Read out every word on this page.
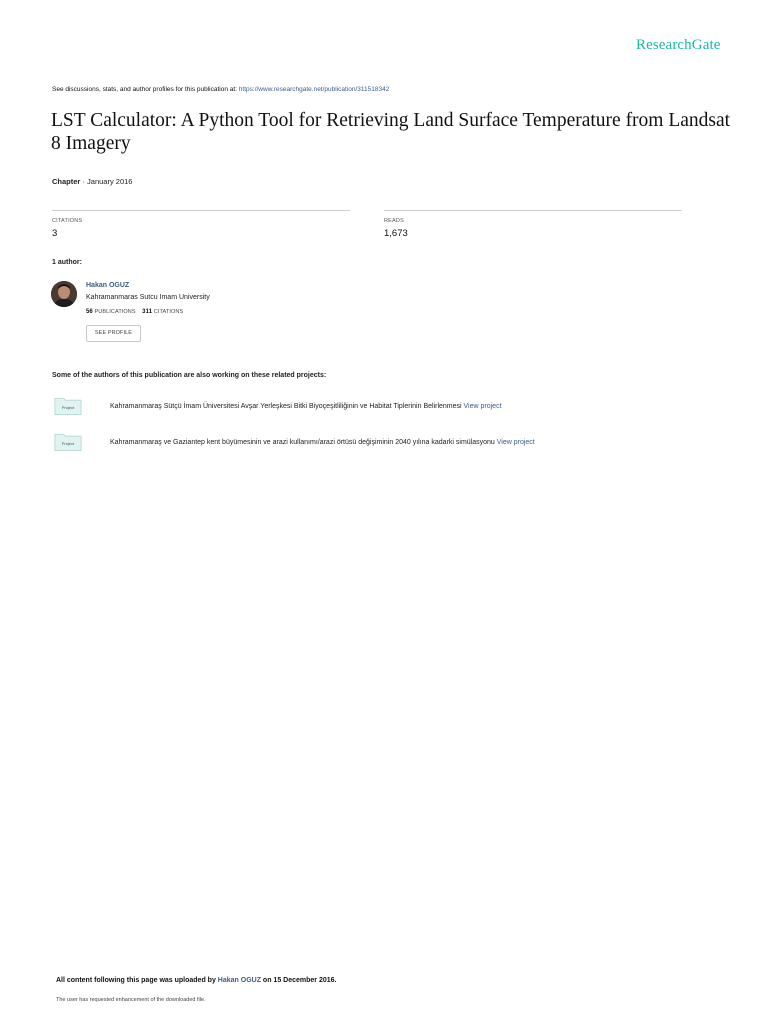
ResearchGate
See discussions, stats, and author profiles for this publication at: https://www.researchgate.net/publication/311518342
LST Calculator: A Python Tool for Retrieving Land Surface Temperature from Landsat 8 Imagery
Chapter · January 2016
CITATIONS
3
READS
1,673
1 author:
Hakan OGUZ
Kahramanmaras Sutcu Imam University
56 PUBLICATIONS 311 CITATIONS
SEE PROFILE
Some of the authors of this publication are also working on these related projects:
Project	Kahramanmaraş Sütçü İmam Üniversitesi Avşar Yerleşkesi Bitki Biyoçeşitliliğinin ve Habitat Tiplerinin Belirlenmesi View project
Project	Kahramanmaraş ve Gaziantep kent büyümesinin ve arazi kullanımı/arazi örtüsü değişiminin 2040 yılına kadarki simülasyonu View project
All content following this page was uploaded by Hakan OGUZ on 15 December 2016.
The user has requested enhancement of the downloaded file.
